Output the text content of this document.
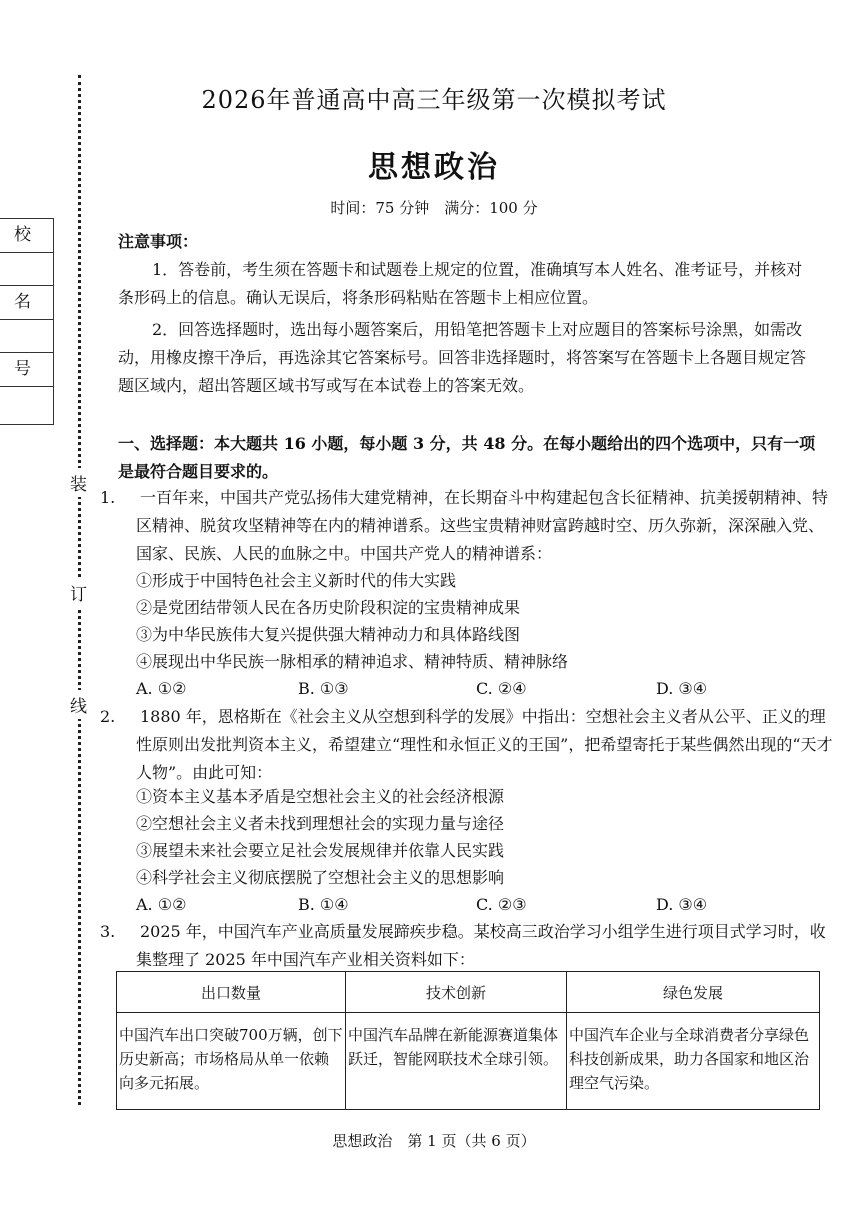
装
订
线
校
名
号
2026年普通高中高三年级第一次模拟考试
思想政治
时间：75 分钟　满分：100 分
注意事项：
1．答卷前，考生须在答题卡和试题卷上规定的位置，准确填写本人姓名、准考证号，并核对条形码上的信息。确认无误后，将条形码粘贴在答题卡上相应位置。
2．回答选择题时，选出每小题答案后，用铅笔把答题卡上对应题目的答案标号涂黑，如需改动，用橡皮擦干净后，再选涂其它答案标号。回答非选择题时，将答案写在答题卡上各题目规定答题区域内，超出答题区域书写或写在本试卷上的答案无效。
一、选择题：本大题共 16 小题，每小题 3 分，共 48 分。在每小题给出的四个选项中，只有一项是最符合题目要求的。
1. 一百年来，中国共产党弘扬伟大建党精神，在长期奋斗中构建起包含长征精神、抗美援朝精神、特区精神、脱贫攻坚精神等在内的精神谱系。这些宝贵精神财富跨越时空、历久弥新，深深融入党、国家、民族、人民的血脉之中。中国共产党人的精神谱系：
①形成于中国特色社会主义新时代的伟大实践
②是党团结带领人民在各历史阶段积淀的宝贵精神成果
③为中华民族伟大复兴提供强大精神动力和具体路线图
④展现出中华民族一脉相承的精神追求、精神特质、精神脉络
A. ①②	B. ①③	C. ②④	D. ③④
2. 1880 年，恩格斯在《社会主义从空想到科学的发展》中指出：空想社会主义者从公平、正义的理性原则出发批判资本主义，希望建立“理性和永恒正义的王国”，把希望寄托于某些偶然出现的“天才人物”。由此可知：
①资本主义基本矛盾是空想社会主义的社会经济根源
②空想社会主义者未找到理想社会的实现力量与途径
③展望未来社会要立足社会发展规律并依靠人民实践
④科学社会主义彻底摆脱了空想社会主义的思想影响
A. ①②	B. ①④	C. ②③	D. ③④
3. 2025 年，中国汽车产业高质量发展蹄疾步稳。某校高三政治学习小组学生进行项目式学习时，收集整理了 2025 年中国汽车产业相关资料如下：
出口数量	技术创新	绿色发展
中国汽车出口突破700万辆，创下历史新高；市场格局从单一依赖向多元拓展。	中国汽车品牌在新能源赛道集体跃迁，智能网联技术全球引领。	中国汽车企业与全球消费者分享绿色科技创新成果，助力各国家和地区治理空气污染。
思想政治　第 1 页（共 6 页）
